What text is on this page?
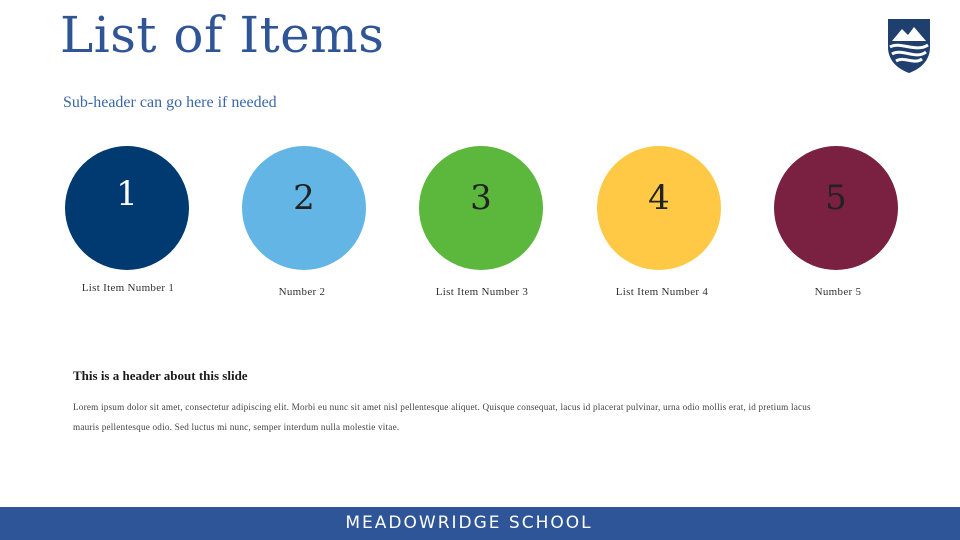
List of Items
Sub-header can go here if needed
1	2	3	4	5
List Item Number 1	Number 2	List Item Number 3	List Item Number 4	Number 5
This is a header about this slide
Lorem ipsum dolor sit amet, consectetur adipiscing elit. Morbi eu nunc sit amet nisl pellentesque aliquet. Quisque consequat, lacus id placerat pulvinar, urna odio mollis erat, id pretium lacus mauris pellentesque odio. Sed luctus mi nunc, semper interdum nulla molestie vitae.
MEADOWRIDGE SCHOOL
